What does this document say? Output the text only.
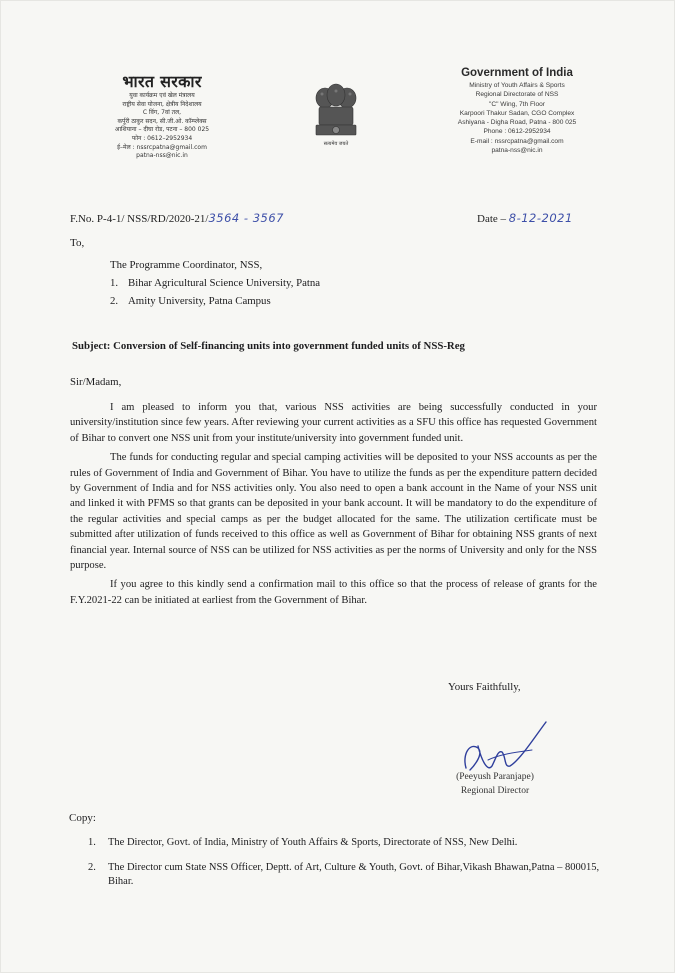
भारत सरकार
युवा कार्यक्रम एवं खेल मंत्रालय
राष्ट्रीय सेवा योजना, क्षेत्रीय निदेशालय
C विंग, 7वां तल,
कर्पूरी ठाकुर सदन, सी.जी.ओ. कॉम्प्लेक्स
आशियाना – दीघा रोड, पटना – 800 025
फोन : 0612–2952934
ई–मेल : nssrcpatna@gmail.com
patna-nss@nic.in
सत्यमेव जयते
Government of India
Ministry of Youth Affairs & Sports
Regional Directorate of NSS
"C" Wing, 7th Floor
Karpoori Thakur Sadan, CGO Complex
Ashiyana - Digha Road, Patna - 800 025
Phone : 0612-2952934
E-mail : nssrcpatna@gmail.com
patna-nss@nic.in
F.No. P-4-1/ NSS/RD/2020-21/3564 - 3567	Date – 8-12-2021
To,
The Programme Coordinator, NSS,
1. Bihar Agricultural Science University, Patna
2. Amity University, Patna Campus
Subject: Conversion of Self-financing units into government funded units of NSS-Reg
Sir/Madam,

I am pleased to inform you that, various NSS activities are being successfully conducted in your university/institution since few years. After reviewing your current activities as a SFU this office has requested Government of Bihar to convert one NSS unit from your institute/university into government funded unit.

The funds for conducting regular and special camping activities will be deposited to your NSS accounts as per the rules of Government of India and Government of Bihar. You have to utilize the funds as per the expenditure pattern decided by Government of India and for NSS activities only. You also need to open a bank account in the Name of your NSS unit and linked it with PFMS so that grants can be deposited in your bank account. It will be mandatory to do the expenditure of the regular activities and special camps as per the budget allocated for the same. The utilization certificate must be submitted after utilization of funds received to this office as well as Government of Bihar for obtaining NSS grants of next financial year. Internal source of NSS can be utilized for NSS activities as per the norms of University and only for the NSS purpose.

If you agree to this kindly send a confirmation mail to this office so that the process of release of grants for the F.Y.2021-22 can be initiated at earliest from the Government of Bihar.

Yours Faithfully,
(Peeyush Paranjape)
Regional Director
Copy:
1.	The Director, Govt. of India, Ministry of Youth Affairs & Sports, Directorate of NSS, New Delhi.
2.	The Director cum State NSS Officer, Deptt. of Art, Culture & Youth, Govt. of Bihar,Vikash Bhawan,Patna – 800015, Bihar.
